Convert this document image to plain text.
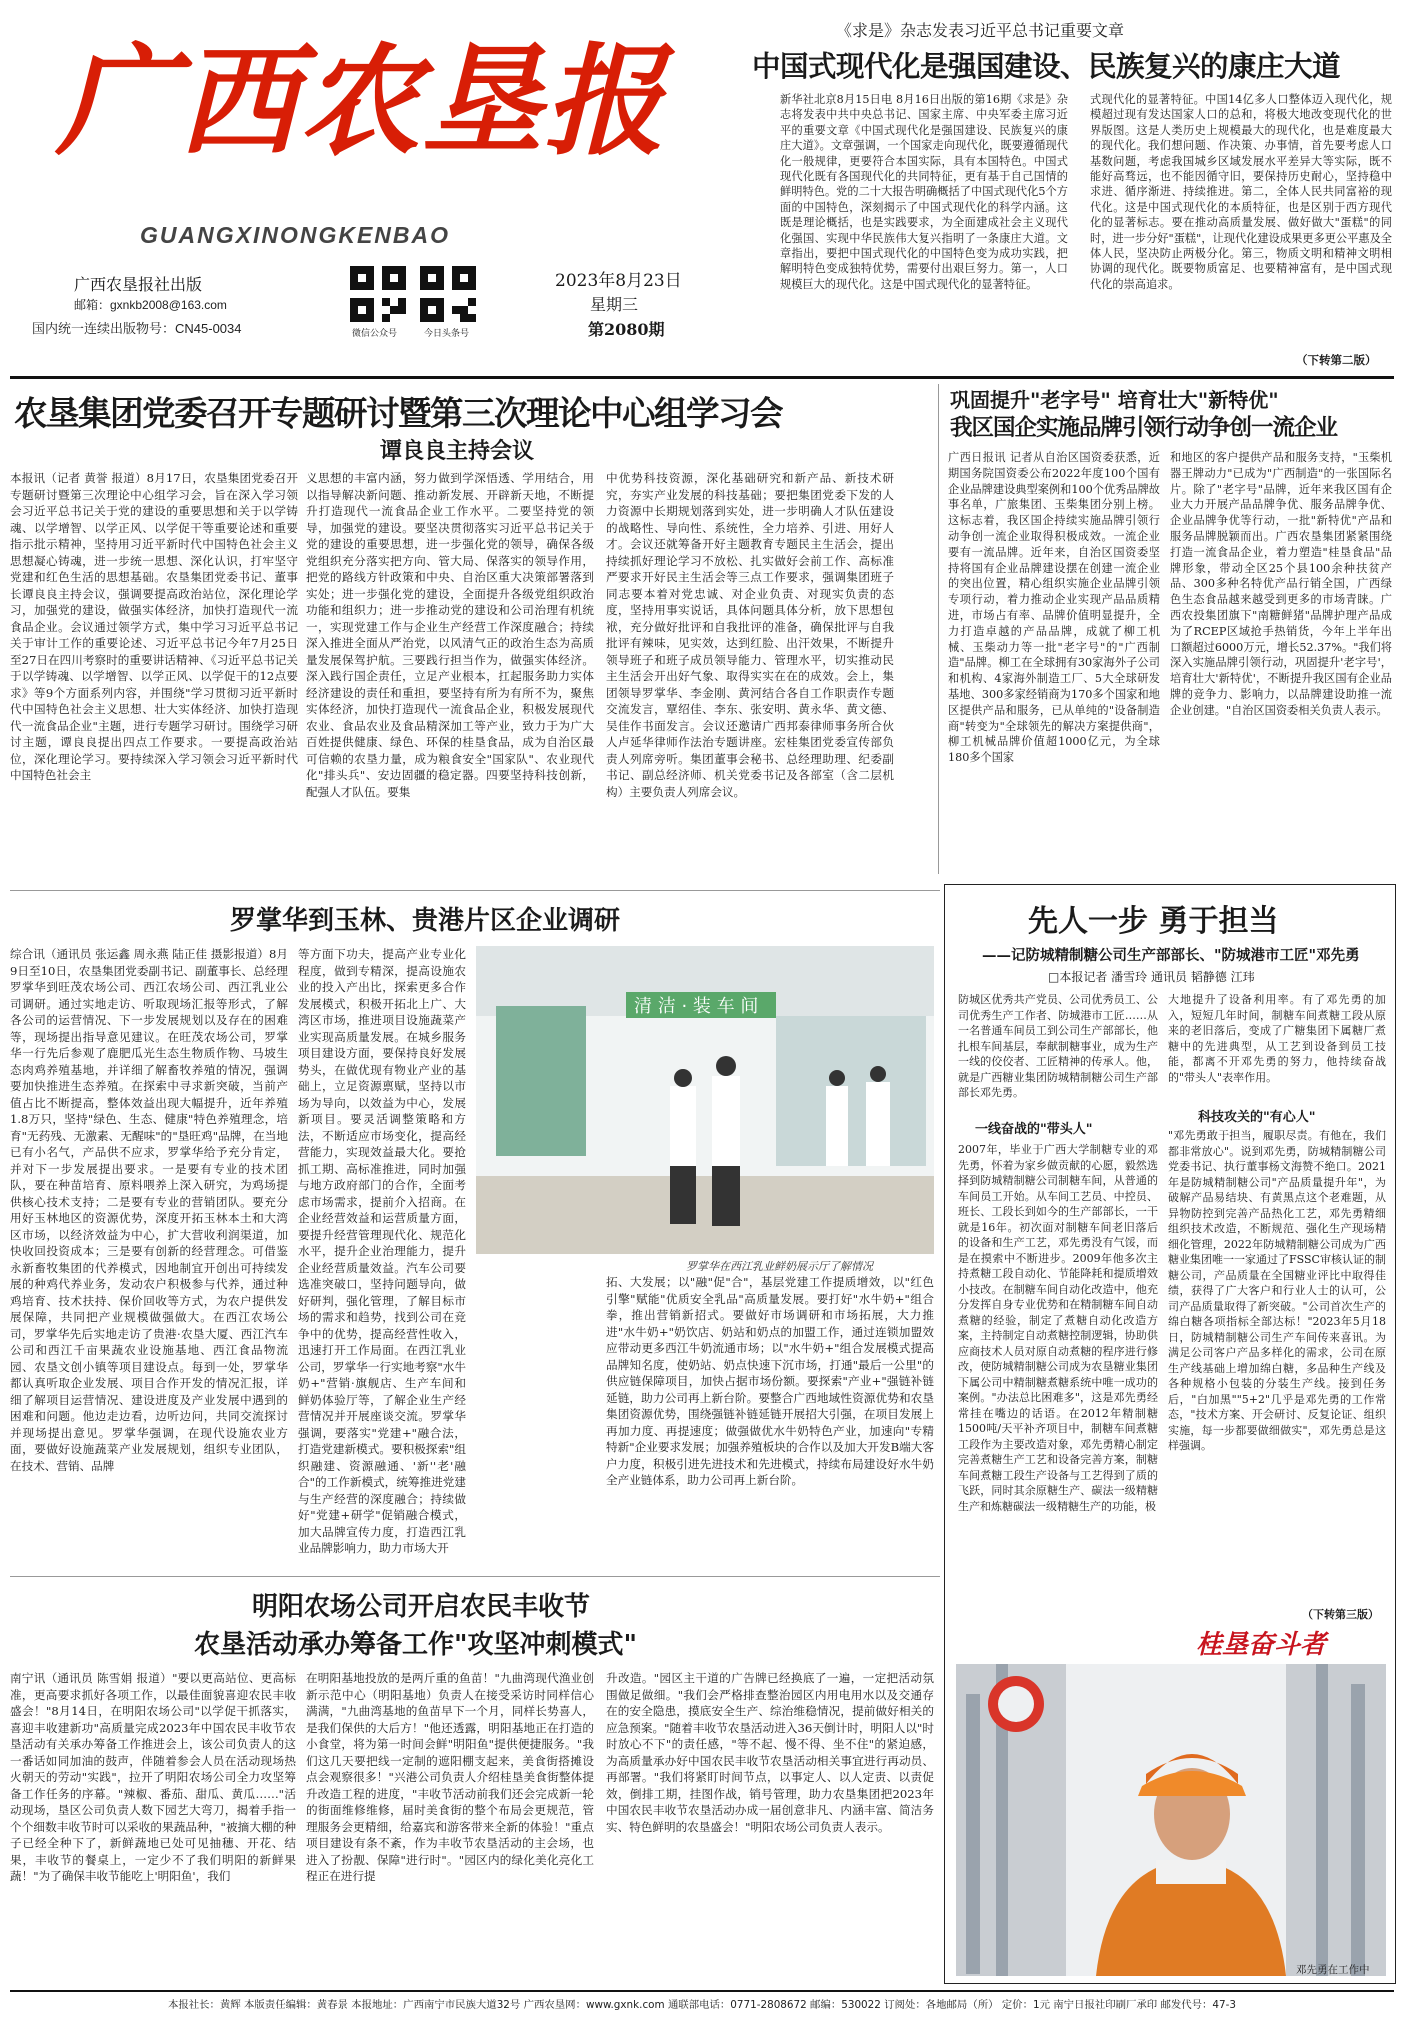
广西农垦报
GUANGXINONGKENBAO
广西农垦报社出版
邮箱：gxnkb2008@163.com
国内统一连续出版物号：CN45-0034	微信公众号	今日头条号
2023年8月23日
星期三
第2080期
《求是》杂志发表习近平总书记重要文章
中国式现代化是强国建设、民族复兴的康庄大道
新华社北京8月15日电 8月16日出版的第16期《求是》杂志将发表中共中央总书记、国家主席、中央军委主席习近平的重要文章《中国式现代化是强国建设、民族复兴的康庄大道》。文章强调，一个国家走向现代化，既要遵循现代化一般规律，更要符合本国实际，具有本国特色。中国式现代化既有各国现代化的共同特征，更有基于自己国情的鲜明特色。党的二十大报告明确概括了中国式现代化5个方面的中国特色，深刻揭示了中国式现代化的科学内涵。这既是理论概括，也是实践要求，为全面建成社会主义现代化强国、实现中华民族伟大复兴指明了一条康庄大道。文章指出，要把中国式现代化的中国特色变为成功实践，把解明特色变成独特优势，需要付出艰巨努力。第一，人口规模巨大的现代化。这是中国式现代化的显著特征。
式现代化的显著特征。中国14亿多人口整体迈入现代化，规模超过现有发达国家人口的总和，将极大地改变现代化的世界版图。这是人类历史上规模最大的现代化，也是难度最大的现代化。我们想问题、作决策、办事情，首先要考虑人口基数问题，考虑我国城乡区域发展水平差异大等实际，既不能好高骛远，也不能因循守旧，要保持历史耐心，坚持稳中求进、循序渐进、持续推进。第二，全体人民共同富裕的现代化。这是中国式现代化的本质特征，也是区别于西方现代化的显著标志。要在推动高质量发展、做好做大"蛋糕"的同时，进一步分好"蛋糕"，让现代化建设成果更多更公平惠及全体人民，坚决防止两极分化。第三，物质文明和精神文明相协调的现代化。既要物质富足、也要精神富有，是中国式现代化的崇高追求。
（下转第二版）
农垦集团党委召开专题研讨暨第三次理论中心组学习会
谭良良主持会议
本报讯（记者 黄誉 报道）8月17日，农垦集团党委召开专题研讨暨第三次理论中心组学习会，旨在深入学习领会习近平总书记关于党的建设的重要思想和关于以学铸魂、以学增智、以学正风、以学促干等重要论述和重要指示批示精神，坚持用习近平新时代中国特色社会主义思想凝心铸魂，进一步统一思想、深化认识，打牢坚守党建和红色生活的思想基础。农垦集团党委书记、董事长谭良良主持会议，强调要提高政治站位，深化理论学习，加强党的建设，做强实体经济，加快打造现代一流食品企业。会议通过领学方式，集中学习习近平总书记关于审计工作的重要论述、习近平总书记今年7月25日至27日在四川考察时的重要讲话精神、《习近平总书记关于以学铸魂、以学增智、以学正风、以学促干的12点要求》等9个方面系列内容，并围绕"学习贯彻习近平新时代中国特色社会主义思想、壮大实体经济、加快打造现代一流食品企业"主题，进行专题学习研讨。围绕学习研讨主题，谭良良提出四点工作要求。一要提高政治站位，深化理论学习。要持续深入学习领会习近平新时代中国特色社会主
义思想的丰富内涵，努力做到学深悟透、学用结合，用以指导解决新问题、推动新发展、开辟新天地，不断提升打造现代一流食品企业工作水平。二要坚持党的领导，加强党的建设。要坚决贯彻落实习近平总书记关于党的建设的重要思想，进一步强化党的领导，确保各级党组织充分落实把方向、管大局、保落实的领导作用，把党的路线方针政策和中央、自治区重大决策部署落到实处；进一步强化党的建设，全面提升各级党组织政治功能和组织力；进一步推动党的建设和公司治理有机统一，实现党建工作与企业生产经营工作深度融合；持续深入推进全面从严治党，以风清气正的政治生态为高质量发展保驾护航。三要践行担当作为，做强实体经济。深入践行国企责任，立足产业根本，扛起服务助力实体经济建设的责任和重担，要坚持有所为有所不为，聚焦实体经济，加快打造现代一流食品企业，积极发展现代农业、食品农业及食品精深加工等产业，致力于为广大百姓提供健康、绿色、环保的桂垦食品，成为自治区最可信赖的农垦力量，成为粮食安全"国家队"、农业现代化"排头兵"、安边固疆的稳定器。四要坚持科技创新，配强人才队伍。要集
中优势科技资源，深化基础研究和新产品、新技术研究，夯实产业发展的科技基础；要把集团党委下发的人力资源中长期规划落到实处，进一步明确人才队伍建设的战略性、导向性、系统性，全力培养、引进、用好人才。会议还就筹备开好主题教育专题民主生活会，提出持续抓好理论学习不放松、扎实做好会前工作、高标准严要求开好民主生活会等三点工作要求，强调集团班子同志要本着对党忠诚、对企业负责、对现实负责的态度，坚持用事实说话，具体问题具体分析，放下思想包袱，充分做好批评和自我批评的准备，确保批评与自我批评有辣味，见实效，达到红脸、出汗效果，不断提升领导班子和班子成员领导能力、管理水平，切实推动民主生活会开出好气象、取得实实在在的成效。会上，集团领导罗掌华、李金刚、黄河结合各自工作职责作专题交流发言，覃绍佳、李东、张安明、黄永华、黄文德、吴佳作书面发言。会议还邀请广西邦泰律师事务所合伙人卢延华律师作法治专题讲座。宏桂集团党委宣传部负责人列席旁听。集团董事会秘书、总经理助理、纪委副书记、副总经济师、机关党委书记及各部室（含二层机构）主要负责人列席会议。
巩固提升"老字号" 培育壮大"新特优"
我区国企实施品牌引领行动争创一流企业
广西日报讯 记者从自治区国资委获悉，近期国务院国资委公布2022年度100个国有企业品牌建设典型案例和100个优秀品牌故事名单，广旅集团、玉柴集团分别上榜。这标志着，我区国企持续实施品牌引领行动争创一流企业取得积极成效。一流企业要有一流品牌。近年来，自治区国资委坚持将国有企业品牌建设摆在创建一流企业的突出位置，精心组织实施企业品牌引领专项行动，着力推动企业实现产品品质精进，市场占有率、品牌价值明显提升，全力打造卓越的产品品牌，成就了柳工机械、玉柴动力等一批"老字号"的"广西制造"品牌。柳工在全球拥有30家海外子公司和机构、4家海外制造工厂、5大全球研发基地、300多家经销商为170多个国家和地区提供产品和服务，已从单纯的"设备制造商"转变为"全球领先的解决方案提供商"，柳工机械品牌价值超1000亿元，为全球180多个国家
和地区的客户提供产品和服务支持，"玉柴机器王牌动力"已成为"广西制造"的一张国际名片。除了"老字号"品牌，近年来我区国有企业大力开展产品品牌争优、服务品牌争优、企业品牌争优等行动，一批"新特优"产品和服务品牌脱颖而出。广西农垦集团紧紧围绕打造一流食品企业，着力塑造"桂垦食品"品牌形象，带动全区25个县100余种扶贫产品、300多种名特优产品行销全国，广西绿色生态食品越来越受到更多的市场青睐。广西农投集团旗下"南糖鲜猪"品牌护理产品成为了RCEP区域抢手热销货，今年上半年出口额超过6000万元，增长52.37%。"我们将深入实施品牌引领行动，巩固提升'老字号'，培育壮大'新特优'，不断提升我区国有企业品牌的竞争力、影响力，以品牌建设助推一流企业创建。"自治区国资委相关负责人表示。
罗掌华到玉林、贵港片区企业调研
综合讯（通讯员 张运鑫 周永燕 陆正佳 摄影报道）8月9日至10日，农垦集团党委副书记、副董事长、总经理罗掌华到旺茂农场公司、西江农场公司、西江乳业公司调研。通过实地走访、听取现场汇报等形式，了解各公司的运营情况、下一步发展规划以及存在的困难等，现场提出指导意见建议。在旺茂农场公司，罗掌华一行先后参观了鹿肥瓜光生态生物质作物、马坡生态肉鸡养殖基地，并详细了解畜牧养殖的情况，强调要加快推进生态养殖。在探索中寻求新突破，当前产值占比不断提高，整体效益出现大幅提升，近年养殖1.8万只，坚持"绿色、生态、健康"特色养殖理念，培育"无药残、无激素、无醒味"的"垦旺鸡"品牌，在当地已有小名气，产品供不应求，罗掌华给予充分肯定，并对下一步发展提出要求。一是要有专业的技术团队，要在种苗培育、原料喂养上深入研究，为鸡场提供核心技术支持；二是要有专业的营销团队。要充分用好玉林地区的资源优势，深度开拓玉林本土和大湾区市场，以经济效益为中心，扩大营收利润渠道，加快收回投资成本；三是要有创新的经营理念。可借鉴永新畜牧集团的代养模式，因地制宜开创出可持续发展的种鸡代养业务，发动农户积极参与代养，通过种鸡培育、技术扶持、保价回收等方式，为农户提供发展保障，共同把产业规模做强做大。在西江农场公司，罗掌华先后实地走访了贵港·农垦大厦、西江汽车公司和西江千亩果蔬农业设施基地、西江食品物流园、农垦文创小镇等项目建设点。每到一处，罗掌华都认真听取企业发展、项目合作开发的情况汇报，详细了解项目运营情况、建设进度及产业发展中遇到的困难和问题。他边走边看，边听边问，共同交流探讨并现场提出意见。罗掌华强调，在现代设施农业方面，要做好设施蔬菜产业发展规划，组织专业团队，在技术、营销、品牌
等方面下功夫，提高产业专业化程度，做到专精深，提高设施农业的投入产出比，探索更多合作发展模式，积极开拓北上广、大湾区市场，推进项目设施蔬菜产业实现高质量发展。在城乡服务项目建设方面，要保持良好发展势头，在做优现有物业产业的基础上，立足资源禀赋，坚持以市场为导向，以效益为中心，发展新项目。要灵活调整策略和方法，不断适应市场变化，提高经营能力，实现效益最大化。要抢抓工期、高标准推进，同时加强与地方政府部门的合作，全面考虑市场需求，提前介入招商。在企业经营效益和运营质量方面，要提升经营管理现代化、规范化水平，提升企业治理能力，提升企业经营质量效益。汽车公司要选准突破口，坚持问题导向，做好研判，强化管理，了解目标市场的需求和趋势，找到公司在竞争中的优势，提高经营性收入，迅速打开工作局面。在西江乳业公司，罗掌华一行实地考察"水牛奶+"营销·旗舰店、生产车间和鲜奶体验厅等，了解企业生产经营情况并开展座谈交流。罗掌华强调，要落实"党建+"融合法，打造党建新模式。要积极探索"组织融建、资源融通、'新''老'融合"的工作新模式，统筹推进党建与生产经营的深度融合；持续做好"党建+研学"促销融合模式，加大品牌宣传力度，打造西江乳业品牌影响力，助力市场大开
清 洁 · 装 车 间
罗掌华在西江乳业鲜奶展示厅了解情况
拓、大发展；以"融"促"合"，基层党建工作提质增效，以"红色引擎"赋能"优质安全乳品"高质量发展。要打好"水牛奶+"组合拳，推出营销新招式。要做好市场调研和市场拓展，大力推进"水牛奶+"奶饮店、奶站和奶点的加盟工作，通过连锁加盟效应带动更多西江牛奶流通市场；以"水牛奶+"组合发展模式提高品牌知名度，使奶站、奶点快速下沉市场，打通"最后一公里"的供应链保障项目，加快占据市场份额。要探索"产业+"强链补链延链，助力公司再上新台阶。要整合广西地域性资源优势和农垦集团资源优势，围绕强链补链延链开展招大引强，在项目发展上再加力度、再提速度；做强做优水牛奶特色产业，加速向"专精特新"企业要求发展；加强养殖板块的合作以及加大开发B端大客户力度，积极引进先进技术和先进模式，持续布局建设好水牛奶全产业链体系，助力公司再上新台阶。
明阳农场公司开启农民丰收节
农垦活动承办筹备工作"攻坚冲刺模式"
南宁讯（通讯员 陈雪娟 报道）"要以更高站位、更高标准，更高要求抓好各项工作，以最佳面貌喜迎农民丰收盛会！"8月14日，在明阳农场公司"以学促干抓落实，喜迎丰收建新功"高质量完成2023年中国农民丰收节农垦活动有关承办筹备工作推进会上，该公司负责人的这一番话如同加油的鼓声，伴随着参会人员在活动现场热火朝天的劳动"实践"，拉开了明阳农场公司全力攻坚筹备工作任务的序幕。"辣椒、番茄、甜瓜、黄瓜……"活动现场，垦区公司负责人数下园艺大弯刀，揭着手指一个个细数丰收节时可以采收的果蔬品种，"被摘大棚的种子已经全种下了，新鲜蔬地已处可见抽穗、开花、结果，丰收节的餐桌上，一定少不了我们明阳的新鲜果蔬！"为了确保丰收节能吃上'明阳鱼'，我们
在明阳基地投放的是两斤重的鱼苗！"九曲湾现代渔业创新示范中心（明阳基地）负责人在接受采访时同样信心满满，"九曲湾基地的鱼苗早下一个月，同样长势喜人，是我们保供的大后方！"他还透露，明阳基地正在打造的小食堂，将为第一时间会鲜"明阳鱼"提供便捷服务。"我们这几天要把线一定制的遮阳棚支起来，美食街搭摊设点会观察很多！"兴港公司负责人介绍桂垦美食街整体提升改造工程的进度，"丰收节活动前我们还会完成新一轮的街面维修维修，届时美食街的整个布局会更规范，管理服务会更精细，给嘉宾和游客带来全新的体验！"重点项目建设有条不紊，作为丰收节农垦活动的主会场，也进入了扮靓、保障"进行时"。"园区内的绿化美化亮化工程正在进行提
升改造。"园区主干道的广告牌已经换底了一遍，一定把活动氛围做足做细。"我们会严格排查整治园区内用电用水以及交通存在的安全隐患，摸底安全生产、综治维稳情况，提前做好相关的应急预案。"随着丰收节农垦活动进入36天倒计时，明阳人以"时时放心不下"的责任感，"等不起、慢不得、坐不住"的紧迫感，为高质量承办好中国农民丰收节农垦活动相关事宜进行再动员、再部署。"我们将紧盯时间节点，以事定人、以人定责、以责促效，倒排工期，挂图作战，销号管理，助力农垦集团把2023年中国农民丰收节农垦活动办成一届创意非凡、内涵丰富、简洁务实、特色鲜明的农垦盛会！"明阳农场公司负责人表示。
先人一步 勇于担当
——记防城精制糖公司生产部部长、"防城港市工匠"邓先勇
□本报记者 潘雪玲 通讯员 韬静德 江玮
防城区优秀共产党员、公司优秀员工、公司优秀生产工作者、防城港市工匠……从一名普通车间员工到公司生产部部长，他扎根车间基层，奉献制糖事业，成为生产一线的佼佼者、工匠精神的传承人。他，就是广西糖业集团防城精制糖公司生产部部长邓先勇。
大地提升了设备利用率。有了邓先勇的加入，短短几年时间，制糖车间煮糖工段从原来的老旧落后，变成了广糖集团下属糖厂煮糖中的先进典型，从工艺到设备到员工技能，都离不开邓先勇的努力，他持续奋战的"带头人"表率作用。
一线奋战的"带头人"
科技攻关的"有心人"
2007年，毕业于广西大学制糖专业的邓先勇，怀着为家乡做贡献的心愿，毅然选择到防城精制糖公司制糖车间，从普通的车间员工开始。从车间工艺员、中控员、班长、工段长到如今的生产部部长，一干就是16年。初次面对制糖车间老旧落后的设备和生产工艺，邓先勇没有气馁，而是在摸索中不断进步。2009年他多次主持煮糖工段自动化、节能降耗和提质增效小技改。在制糖车间自动化改造中，他充分发挥自身专业优势和在精制糖车间自动煮糖的经验，制定了煮糖自动化改造方案，主持制定自动煮糖控制逻辑，协助供应商技术人员对原自动煮糖的程序进行修改，使防城精制糖公司成为农垦糖业集团下属公司中精制糖煮糖系统中唯一成功的案例。"办法总比困难多"，这是邓先勇经常挂在嘴边的话语。在2012年精制糖1500吨/天平补齐项目中，制糖车间煮糖工段作为主要改造对象，邓先勇精心制定完善煮糖生产工艺和设备完善方案，制糖车间煮糖工段生产设备与工艺得到了质的飞跃，同时其余原糖生产、碳法一级精糖生产和炼糖碳法一级精糖生产的功能，极
"邓先勇敢于担当，履职尽责。有他在，我们都非常放心"。说到邓先勇，防城精制糖公司党委书记、执行董事杨文海赞不绝口。2021年是防城精制糖公司"产品质量提升年"，为破解产品易结块、有黄黑点这个老难题，从异物防控到完善产品热化工艺，邓先勇精细组织技术改造，不断规范、强化生产现场精细化管理，2022年防城精制糖公司成为广西糖业集团唯一一家通过了FSSC审核认证的制糖公司，产品质量在全国糖业评比中取得佳绩，获得了广大客户和行业人士的认可，公司产品质量取得了新突破。"公司首次生产的绵白糖各项指标全部达标！"2023年5月18日，防城精制糖公司生产车间传来喜讯。为满足公司客户产品多样化的需求，公司在原生产线基础上增加绵白糖，多品种生产线及各种规格小包装的分装生产线。接到任务后，"白加黑""5+2"几乎是邓先勇的工作常态，"技术方案、开会研讨、反复论证、组织实施，每一步都要做细做实"，邓先勇总是这样强调。
（下转第三版）
桂垦奋斗者
邓先勇在工作中
本报社长：黄辉 本版责任编辑：黄春景 本报地址：广西南宁市民族大道32号 广西农垦网：www.gxnk.com 通联部电话：0771-2808672 邮编：530022 订阅处：各地邮局（所） 定价：1元 南宁日报社印刷厂承印 邮发代号：47-3
